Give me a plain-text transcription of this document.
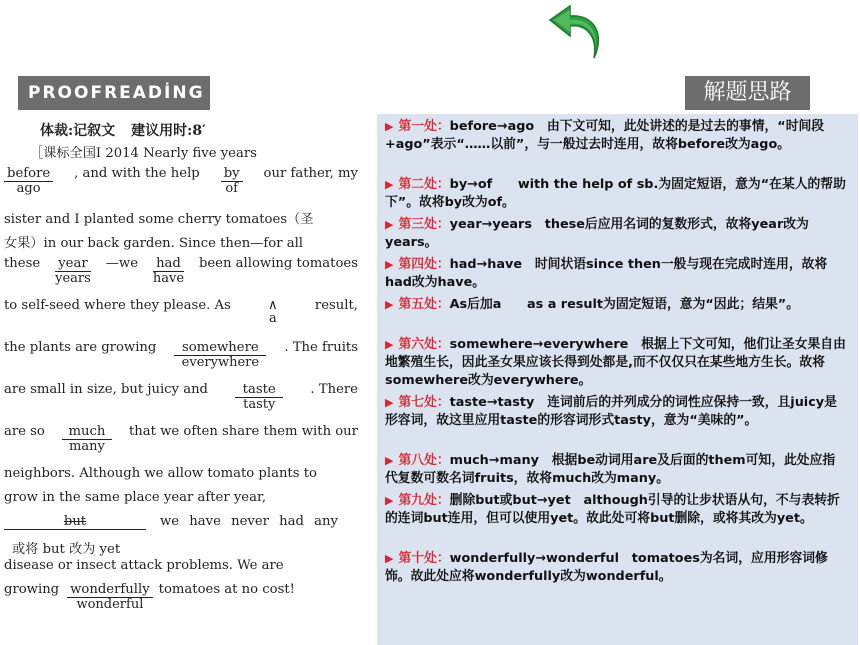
PROOFREADİNG 2
解题思路
体裁:记叙文 建议用时:8′
［课标全国Ⅰ 2014 Nearly five years
before
ago
, and with the help by
of
our father, my
sister and I planted some cherry tomatoes（圣
女果）in our back garden. Since then—for all
these year
years
—we had
have
been allowing tomatoes
to self-seed where they please. As	∧
a
result,
the plants are growing	somewhere
everywhere
. The fruits
are small in size, but juicy and	taste
tasty
. There
are so	much
many
that we often share them with our
neighbors. Although we allow tomato plants to
grow in the same place year after year,
but	we have never had any
或将 but 改为 yet
disease or insect attack problems. We are
growing wonderfully
wonderful
tomatoes at no cost!
▶ 第一处：before→ago　由下文可知，此处讲述的是过去的事情，“时间段+ago”表示“……以前”，与一般过去时连用，故将before改为ago。
▶ 第二处：by→of　　with the help of sb.为固定短语，意为“在某人的帮助下”。故将by改为of。
▶ 第三处：year→years　these后应用名词的复数形式，故将year改为years。
▶ 第四处：had→have　时间状语since then一般与现在完成时连用，故将had改为have。
▶ 第五处：As后加a　　as a result为固定短语，意为“因此；结果”。
▶ 第六处：somewhere→everywhere　根据上下文可知，他们让圣女果自由地繁殖生长，因此圣女果应该长得到处都是,而不仅仅只在某些地方生长。故将somewhere改为everywhere。
▶ 第七处：taste→tasty　连词前后的并列成分的词性应保持一致，且juicy是形容词，故这里应用taste的形容词形式tasty，意为“美味的”。
▶ 第八处：much→many　根据be动词用are及后面的them可知，此处应指代复数可数名词fruits，故将much改为many。
▶ 第九处：删除but或but→yet　although引导的让步状语从句，不与表转折的连词but连用，但可以使用yet。故此处可将but删除，或将其改为yet。
▶ 第十处：wonderfully→wonderful　tomatoes为名词，应用形容词修饰。故此处应将wonderfully改为wonderful。
